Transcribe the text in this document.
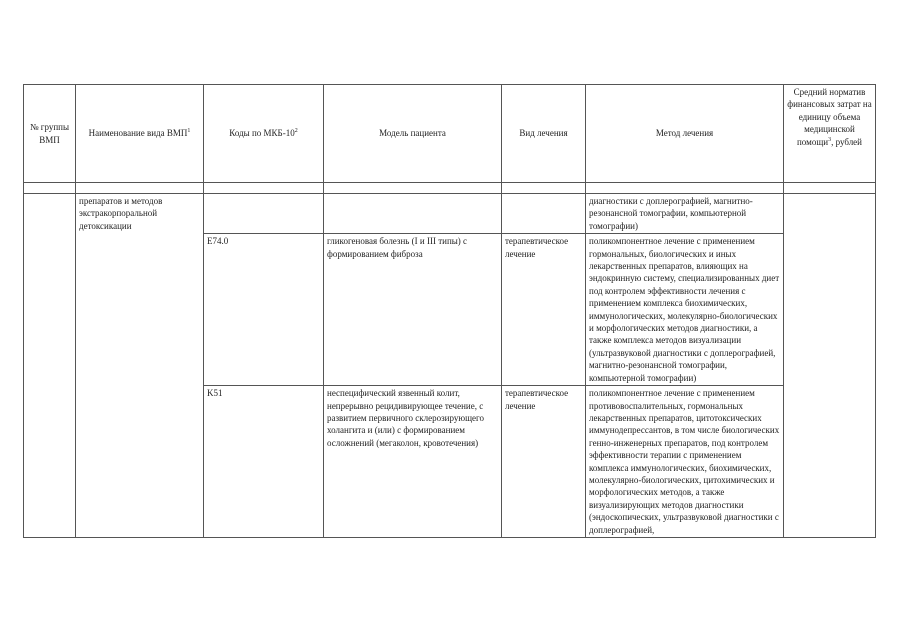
№ группы ВМП	Наименование вида ВМП$^1$	Коды по МКБ-$10^2$	Модель пациента	Вид лечения	Метод лечения	Средний норматив финансовых затрат на единицу объема медицинской помощи$^3$, рублей

	препаратов и методов экстракорпоральной детоксикации				диагностики с доплерографией, магнитно-резонансной томографии, компьютерной томографии)	
		E74.0	гликогеновая болезнь (I и III типы) с формированием фиброза	терапевтическое лечение	поликомпонентное лечение с применением гормональных, биологических и иных лекарственных препаратов, влияющих на эндокринную систему, специализированных диет под контролем эффективности лечения с применением комплекса биохимических, иммунологических, молекулярно-биологических и морфологических методов диагностики, а также комплекса методов визуализации (ультразвуковой диагностики с доплерографией, магнитно-резонансной томографии, компьютерной томографии)	
		K51	неспецифический язвенный колит, непрерывно рецидивирующее течение, с развитием первичного склерозирующего холангита и (или) с формированием осложнений (мегаколон, кровотечения)	терапевтическое лечение	поликомпонентное лечение с применением противовоспалительных, гормональных лекарственных препаратов, цитотоксических иммунодепрессантов, в том числе биологических генно-инженерных препаратов, под контролем эффективности терапии с применением комплекса иммунологических, биохимических, молекулярно-биологических, цитохимических и морфологических методов, а также визуализирующих методов диагностики (эндоскопических, ультразвуковой диагностики с доплерографией,	
